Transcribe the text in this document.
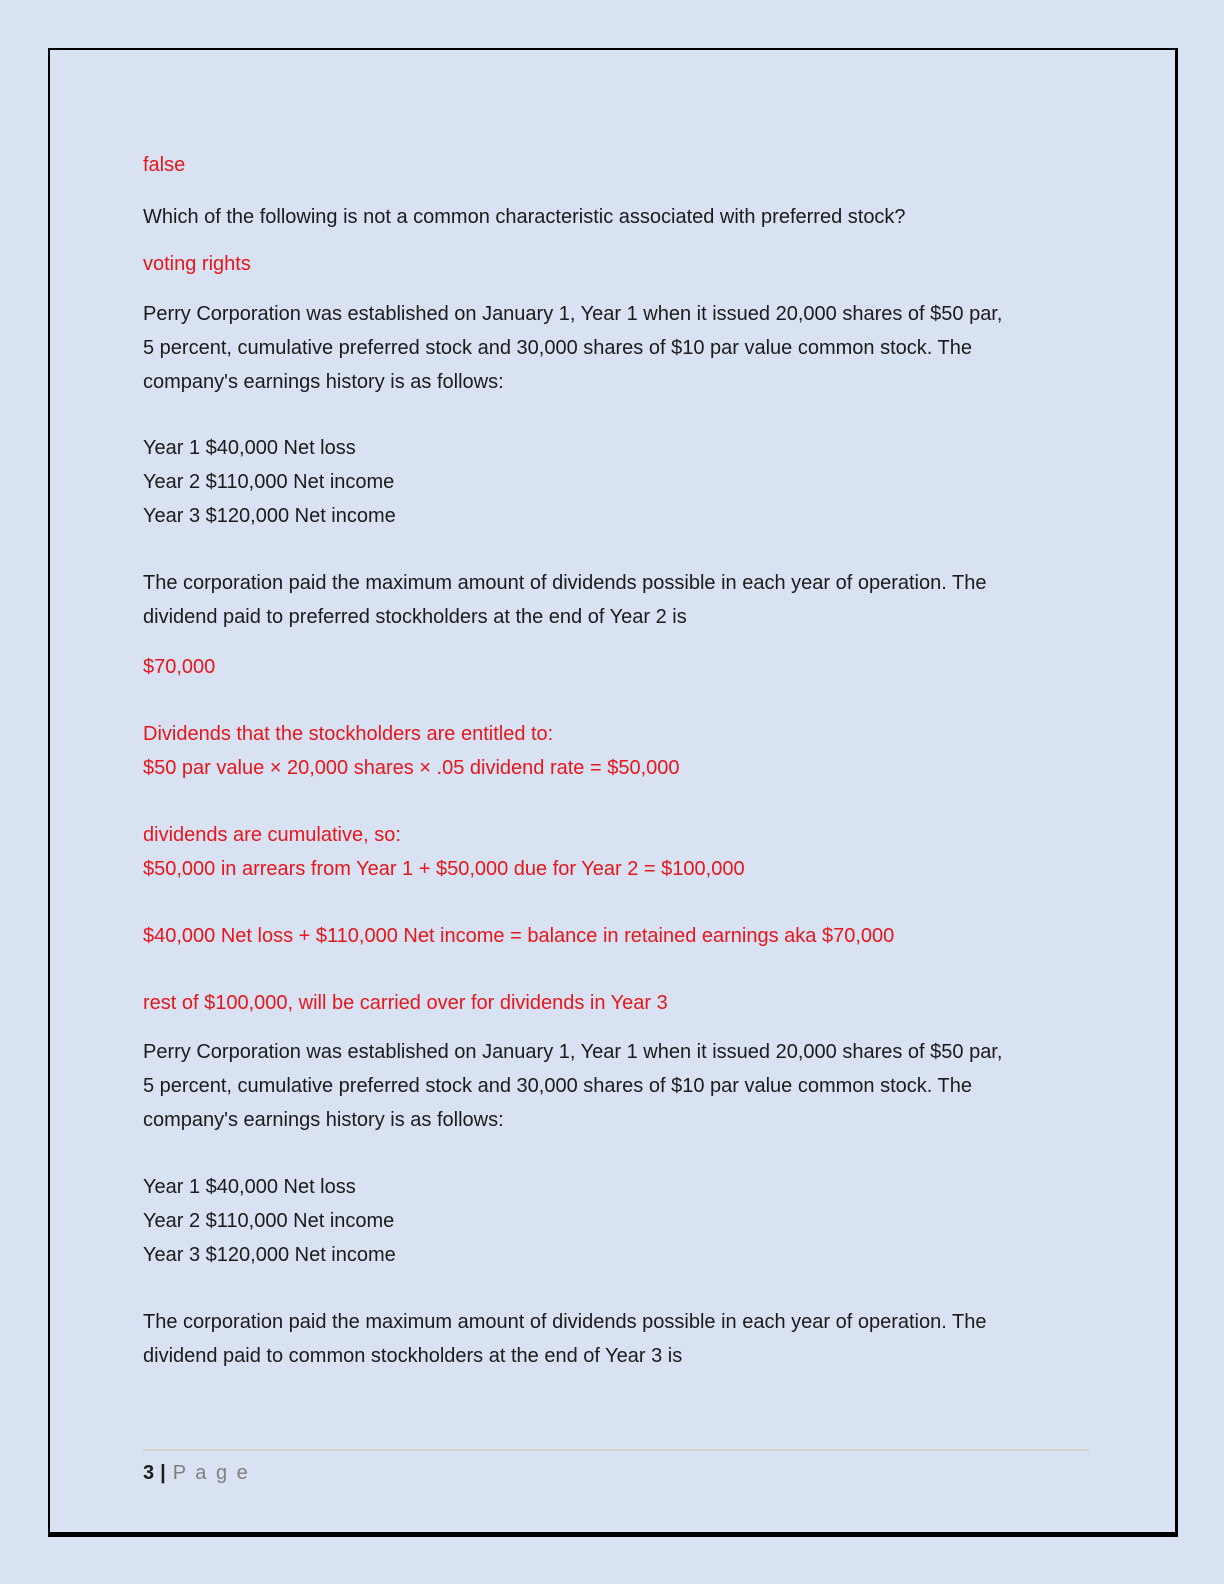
false
Which of the following is not a common characteristic associated with preferred stock?
voting rights
Perry Corporation was established on January 1, Year 1 when it issued 20,000 shares of $50 par,
5 percent, cumulative preferred stock and 30,000 shares of $10 par value common stock. The
company's earnings history is as follows:
Year 1 $40,000 Net loss
Year 2 $110,000 Net income
Year 3 $120,000 Net income
The corporation paid the maximum amount of dividends possible in each year of operation. The
dividend paid to preferred stockholders at the end of Year 2 is
$70,000
Dividends that the stockholders are entitled to:
$50 par value × 20,000 shares × .05 dividend rate = $50,000
dividends are cumulative, so:
$50,000 in arrears from Year 1 + $50,000 due for Year 2 = $100,000
$40,000 Net loss + $110,000 Net income = balance in retained earnings aka $70,000
rest of $100,000, will be carried over for dividends in Year 3
Perry Corporation was established on January 1, Year 1 when it issued 20,000 shares of $50 par,
5 percent, cumulative preferred stock and 30,000 shares of $10 par value common stock. The
company's earnings history is as follows:
Year 1 $40,000 Net loss
Year 2 $110,000 Net income
Year 3 $120,000 Net income
The corporation paid the maximum amount of dividends possible in each year of operation. The
dividend paid to common stockholders at the end of Year 3 is
3 | P a g e
